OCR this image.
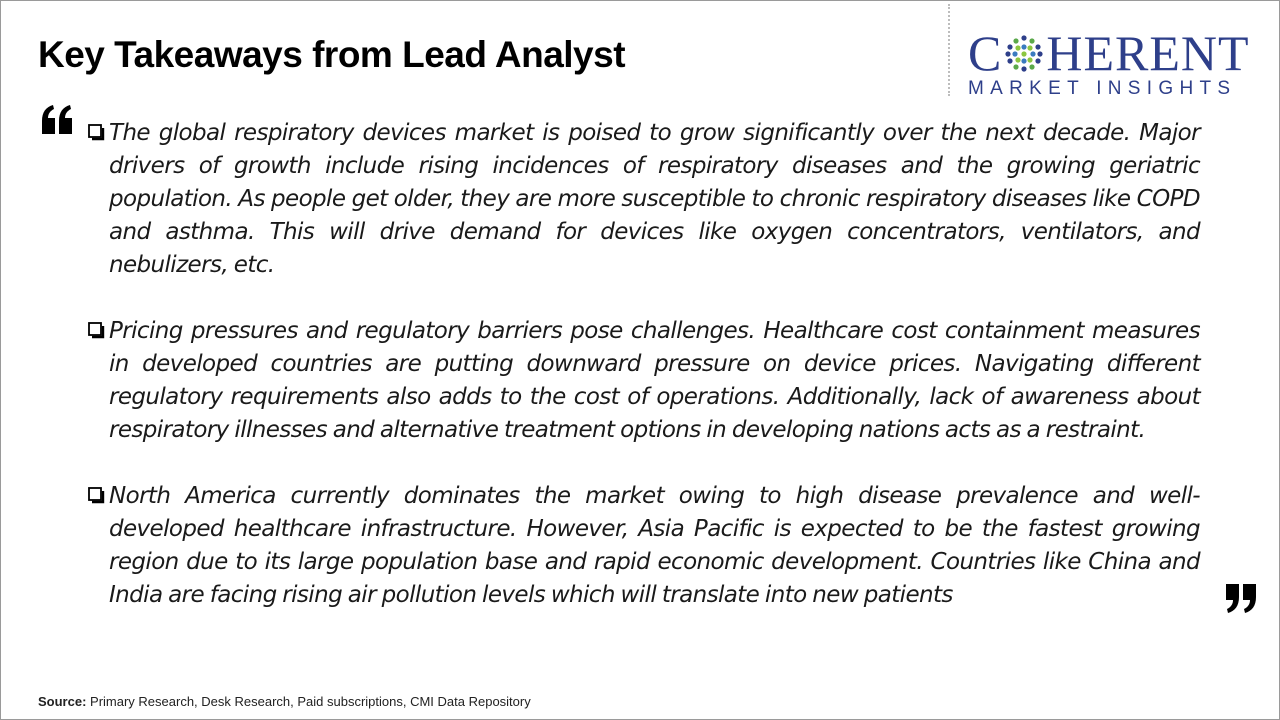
Key Takeaways from Lead Analyst	C HERENT
MARKET INSIGHTS
The global respiratory devices market is poised to grow significantly over the next decade. Major drivers of growth include rising incidences of respiratory diseases and the growing geriatric population. As people get older, they are more susceptible to chronic respiratory diseases like COPD and asthma. This will drive demand for devices like oxygen concentrators, ventilators, and nebulizers, etc.
Pricing pressures and regulatory barriers pose challenges. Healthcare cost containment measures in developed countries are putting downward pressure on device prices. Navigating different regulatory requirements also adds to the cost of operations. Additionally, lack of awareness about respiratory illnesses and alternative treatment options in developing nations acts as a restraint.
North America currently dominates the market owing to high disease prevalence and well-developed healthcare infrastructure. However, Asia Pacific is expected to be the fastest growing region due to its large population base and rapid economic development. Countries like China and India are facing rising air pollution levels which will translate into new patients
Source: Primary Research, Desk Research, Paid subscriptions, CMI Data Repository
